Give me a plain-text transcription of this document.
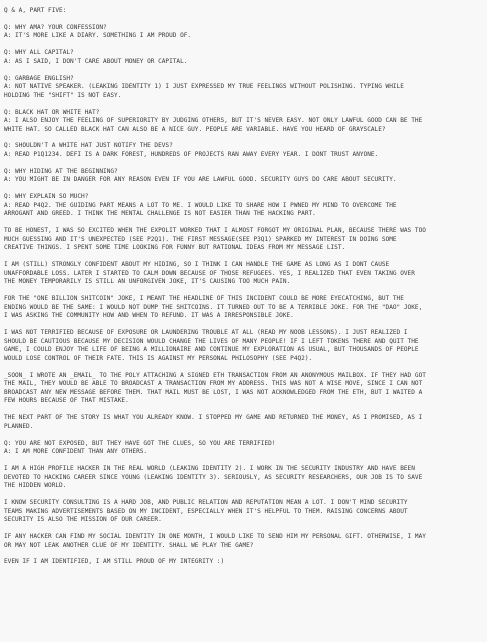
Q & A, PART FIVE:
Q: WHY AMA? YOUR CONFESSION?
A: IT'S MORE LIKE A DIARY. SOMETHING I AM PROUD OF.
Q: WHY ALL CAPITAL?
A: AS I SAID, I DON'T CARE ABOUT MONEY OR CAPITAL.
Q: GARBAGE ENGLISH?
A: NOT NATIVE SPEAKER. (LEAKING IDENTITY 1) I JUST EXPRESSED MY TRUE FEELINGS WITHOUT POLISHING. TYPING WHILE
HOLDING THE "SHIFT" IS NOT EASY.
Q: BLACK HAT OR WHITE HAT?
A: I ALSO ENJOY THE FEELING OF SUPERIORITY BY JUDGING OTHERS, BUT IT'S NEVER EASY. NOT ONLY LAWFUL GOOD CAN BE THE
WHITE HAT. SO CALLED BLACK HAT CAN ALSO BE A NICE GUY. PEOPLE ARE VARIABLE. HAVE YOU HEARD OF GRAYSCALE?
Q: SHOULDN'T A WHITE HAT JUST NOTIFY THE DEVS?
A: READ P1Q1234. DEFI IS A DARK FOREST, HUNDREDS OF PROJECTS RAN AWAY EVERY YEAR. I DONT TRUST ANYONE.
Q: WHY HIDING AT THE BEGINNING?
A: YOU MIGHT BE IN DANGER FOR ANY REASON EVEN IF YOU ARE LAWFUL GOOD. SECURITY GUYS DO CARE ABOUT SECURITY.
Q: WHY EXPLAIN SO MUCH?
A: READ P4Q2. THE GUIDING PART MEANS A LOT TO ME. I WOULD LIKE TO SHARE HOW I PWNED MY MIND TO OVERCOME THE
ARROGANT AND GREED. I THINK THE MENTAL CHALLENGE IS NOT EASIER THAN THE HACKING PART.
TO BE HONEST, I WAS SO EXCITED WHEN THE EXPOLIT WORKED THAT I ALMOST FORGOT MY ORIGINAL PLAN, BECAUSE THERE WAS TOO
MUCH GUESSING AND IT'S UNEXPECTED (SEE P2Q1). THE FIRST MESSAGE(SEE P3Q1) SPARKED MY INTEREST IN DOING SOME
CREATIVE THINGS. I SPENT SOME TIME LOOKING FOR FUNNY BUT RATIONAL IDEAS FROM MY MESSAGE LIST.
I AM (STILL) STRONGLY CONFIDENT ABOUT MY HIDING, SO I THINK I CAN HANDLE THE GAME AS LONG AS I DONT CAUSE
UNAFFORDABLE LOSS. LATER I STARTED TO CALM DOWN BECAUSE OF THOSE REFUGEES. YES, I REALIZED THAT EVEN TAKING OVER
THE MONEY TEMPORARILY IS STILL AN UNFORGIVEN JOKE, IT'S CAUSING TOO MUCH PAIN.
FOR THE "ONE BILLION SHITCOIN" JOKE, I MEANT THE HEADLINE OF THIS INCIDENT COULD BE MORE EYECATCHING, BUT THE
ENDING WOULD BE THE SAME: I WOULD NOT DUMP THE SHITCOINS. IT TURNED OUT TO BE A TERRIBLE JOKE. FOR THE "DAO" JOKE,
I WAS ASKING THE COMMUNITY HOW AND WHEN TO REFUND. IT WAS A IRRESPONSIBLE JOKE.
I WAS NOT TERRIFIED BECAUSE OF EXPOSURE OR LAUNDERING TROUBLE AT ALL (READ MY NOOB LESSONS). I JUST REALIZED I
SHOULD BE CAUTIOUS BECAUSE MY DECISION WOULD CHANGE THE LIVES OF MANY PEOPLE! IF I LEFT TOKENS THERE AND QUIT THE
GAME, I COULD ENJOY THE LIFE OF BEING A MILLIONAIRE AND CONTINUE MY EXPLORATION AS USUAL, BUT THOUSANDS OF PEOPLE
WOULD LOSE CONTROL OF THEIR FATE. THIS IS AGAINST MY PERSONAL PHILOSOPHY (SEE P4Q2).
_SOON_ I WROTE AN _EMAIL_ TO THE POLY ATTACHING A SIGNED ETH TRANSACTION FROM AN ANONYMOUS MAILBOX. IF THEY HAD GOT
THE MAIL, THEY WOULD BE ABLE TO BROADCAST A TRANSACTION FROM MY ADDRESS. THIS WAS NOT A WISE MOVE, SINCE I CAN NOT
BROADCAST ANY NEW MESSAGE BEFORE THEM. THAT MAIL MUST BE LOST, I WAS NOT ACKNOWLEDGED FROM THE ETH, BUT I WAITED A
FEW HOURS BECAUSE OF THAT MISTAKE.
THE NEXT PART OF THE STORY IS WHAT YOU ALREADY KNOW. I STOPPED MY GAME AND RETURNED THE MONEY, AS I PROMISED, AS I
PLANNED.
Q: YOU ARE NOT EXPOSED, BUT THEY HAVE GOT THE CLUES, SO YOU ARE TERRIFIED!
A: I AM MORE CONFIDENT THAN ANY OTHERS.
I AM A HIGH PROFILE HACKER IN THE REAL WORLD (LEAKING IDENTITY 2). I WORK IN THE SECURITY INDUSTRY AND HAVE BEEN
DEVOTED TO HACKING CAREER SINCE YOUNG (LEAKING IDENTITY 3). SERIOUSLY, AS SECURITY RESEARCHERS, OUR JOB IS TO SAVE
THE HIDDEN WORLD.
I KNOW SECURITY CONSULTING IS A HARD JOB, AND PUBLIC RELATION AND REPUTATION MEAN A LOT. I DON'T MIND SECURITY
TEAMS MAKING ADVERTISEMENTS BASED ON MY INCIDENT, ESPECIALLY WHEN IT'S HELPFUL TO THEM. RAISING CONCERNS ABOUT
SECURITY IS ALSO THE MISSION OF OUR CAREER.
IF ANY HACKER CAN FIND MY SOCIAL IDENTITY IN ONE MONTH, I WOULD LIKE TO SEND HIM MY PERSONAL GIFT. OTHERWISE, I MAY
OR MAY NOT LEAK ANOTHER CLUE OF MY IDENTITY. SHALL WE PLAY THE GAME?
EVEN IF I AM IDENTIFIED, I AM STILL PROUD OF MY INTEGRITY :)
